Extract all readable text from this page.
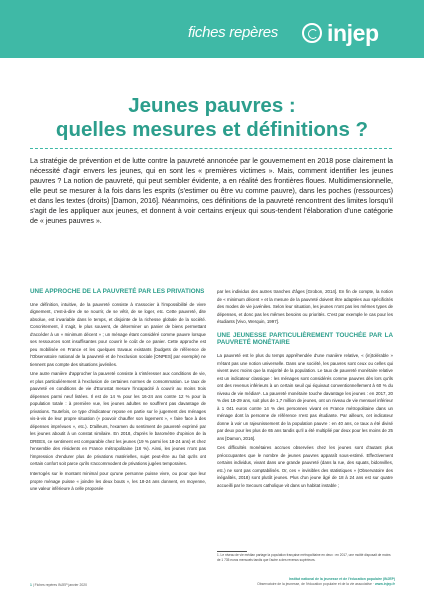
fiches repères injep
Jeunes pauvres :
quelles mesures et définitions ?

La stratégie de prévention et de lutte contre la pauvreté annoncée par le gouvernement en 2018 pose clairement la nécessité d'agir envers les jeunes, qui en sont les « premières victimes ». Mais, comment identifier les jeunes pauvres ? La notion de pauvreté, qui peut sembler évidente, a en réalité des frontières floues. Multidimensionnelle, elle peut se mesurer à la fois dans les esprits (s'estimer ou être vu comme pauvre), dans les poches (ressources) et dans les textes (droits) [Damon, 2016]. Néanmoins, ces définitions de la pauvreté rencontrent des limites lorsqu'il s'agit de les appliquer aux jeunes, et donnent à voir certains enjeux qui sous-tendent l'élaboration d'une catégorie de « jeunes pauvres ».

UNE APPROCHE DE LA PAUVRETÉ PAR LES PRIVATIONS

Une définition, intuitive, de la pauvreté consiste à s'associer à l'impossibilité de vivre dignement, c'est-à-dire de se nourrir, de se vêtir, de se loger, etc. Cette pauvreté, dite absolue, est invariable dans le temps, et disjointe de la richesse globale de la société. Concrètement, il s'agit, le plus souvent, de déterminer un panier de biens permettant d'accéder à un « minimum décent » ; un ménage étant considéré comme pauvre lorsque ses ressources sont insuffisantes pour couvrir le coût de ce panier. Cette approche est peu mobilisée en France et les quelques travaux existants (budgets de référence de l'Observatoire national de la pauvreté et de l'exclusion sociale [ONPES] par exemple) ne tiennent pas compte des situations juvéniles.

Une autre manière d'approcher la pauvreté consiste à s'intéresser aux conditions de vie, et plus particulièrement à l'exclusion de certaines normes de consommation. Le taux de pauvreté en conditions de vie d'Eurostat mesure l'incapacité à couvrir au moins trois dépenses parmi neuf listées. Il est de 14 % pour les 16-24 ans contre 12 % pour la population totale : à première vue, les jeunes adultes ne souffrent pas davantage de privations. Toutefois, ce type d'indicateur repose en partie sur le jugement des ménages vis-à-vis de leur propre situation (« pouvoir chauffer son logement », « faire face à des dépenses imprévues », etc.). D'ailleurs, l'examen du sentiment de pauvreté exprimé par les jeunes aboutit à un constat similaire. En 2018, d'après le baromètre d'opinion de la DREES, ce sentiment est comparable chez les jeunes (19 % parmi les 18-24 ans) et chez l'ensemble des résidents en France métropolitaine (18 %). Ainsi, les jeunes n'ont pas l'impression d'endurer plus de privations matérielles, sujet peut-être au fait qu'ils ont certain confort soit parce qu'ils s'accommodent de privations jugées temporaires.

Interrogés sur le montant minimal pour qu'une personne puisse vivre, ou pour que leur propre ménage puisse « joindre les deux bouts », les 18-24 ans donnent, en moyenne, une valeur inférieure à celle proposée

par les individus des autres tranches d'âges [Grobon, 2014]. En fin de compte, la notion de « minimum décent » et la mesure de la pauvreté doivent être adaptées aux spécificités des modes de vie juvéniles. Selon leur situation, les jeunes n'ont pas les mêmes types de dépenses, et donc pas les mêmes besoins ou priorités. C'est par exemple le cas pour les étudiants [Vivo, Werquin, 1997].

UNE JEUNESSE PARTICULIÈREMENT TOUCHÉE PAR LA PAUVRETÉ MONÉTAIRE

La pauvreté est le plus du temps appréhendée d'une manière relative, « (in)tolérable » n'étant pas une notion universelle. Dans une société, les pauvres sont ceux ou celles qui vivent avec moins que la majorité de la population. Le taux de pauvreté monétaire relative est un indicateur classique : les ménages sont considérés comme pauvres dès lors qu'ils ont des revenus inférieurs à un certain seuil qui équivaut conventionnellement à 60 % du niveau de vie médian¹. La pauvreté monétaire touche davantage les jeunes : en 2017, 20 % des 18-29 ans, soit plus de 1,7 million de jeunes, ont un niveau de vie mensuel inférieur à 1 041 euros contre 14 % des personnes vivant en France métropolitaine dans un ménage dont la personne de référence n'est pas étudiante. Par ailleurs, cet indicateur donne à voir un rajeunissement de la population pauvre : en 40 ans, ce taux a été divisé par deux pour les plus de 65 ans tandis qu'il a été multiplié par deux pour les moins de 25 ans [Damon, 2016].

Ces difficultés monétaires accrues observées chez les jeunes sont d'autant plus préoccupantes que le nombre de jeunes pauvres apparaît sous-estimé. Effectivement certains individus, vivant dans une grande pauvreté (dans la rue, des squats, bidonvilles, etc.) ne sont pas comptabilisés. Or, ces « invisibles des statistiques » (Observatoire des inégalités, 2018) sont plutôt jeunes. Plus d'un jeune âgé de 18 à 24 ans est sur quatre accueilli par le Secours catholique vit dans un habitat instable ;

1. Le niveau de vie médian partage la population française métropolitaine en deux : en 2017, une moitié disposait de moins de 1 735 euros mensuels tandis que l'autre a des revenus supérieurs.

1 | Fiches repères INJEP janvier 2020
Institut national de la jeunesse et de l'éducation populaire (INJEP)
Observatoire de la jeunesse, de l'éducation populaire et de la vie associative · www.injep.fr
